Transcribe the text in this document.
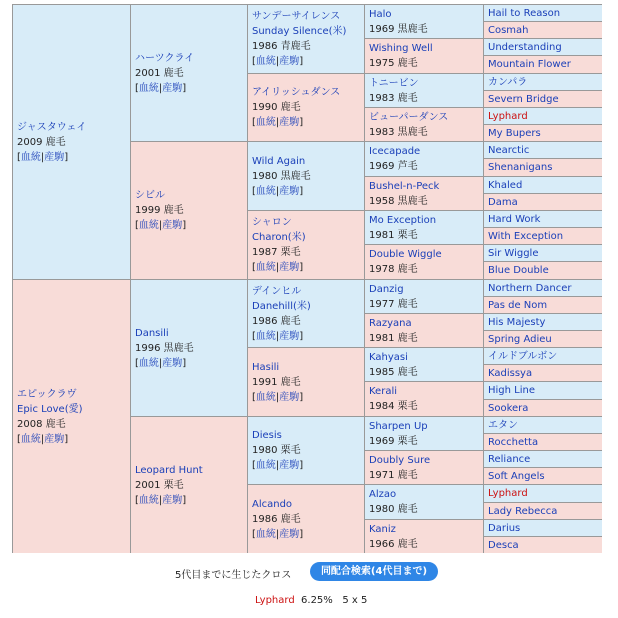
ジャスタウェイ
2009 鹿毛
[血統|産駒]
エピックラヴ
Epic Love(愛)
2008 鹿毛
[血統|産駒]
ハーツクライ
2001 鹿毛
[血統|産駒]
シビル
1999 鹿毛
[血統|産駒]
Dansili
1996 黒鹿毛
[血統|産駒]
Leopard Hunt
2001 栗毛
[血統|産駒]
サンデーサイレンス
Sunday Silence(米)
1986 青鹿毛
[血統|産駒]
アイリッシュダンス
1990 鹿毛
[血統|産駒]
Wild Again
1980 黒鹿毛
[血統|産駒]
シャロン
Charon(米)
1987 栗毛
[血統|産駒]
デインヒル
Danehill(米)
1986 鹿毛
[血統|産駒]
Hasili
1991 鹿毛
[血統|産駒]
Diesis
1980 栗毛
[血統|産駒]
Alcando
1986 鹿毛
[血統|産駒]
Halo
1969 黒鹿毛
Wishing Well
1975 鹿毛
トニービン
1983 鹿毛
ビューパーダンス
1983 黒鹿毛
Icecapade
1969 芦毛
Bushel-n-Peck
1958 黒鹿毛
Mo Exception
1981 栗毛
Double Wiggle
1978 鹿毛
Danzig
1977 鹿毛
Razyana
1981 鹿毛
Kahyasi
1985 鹿毛
Kerali
1984 栗毛
Sharpen Up
1969 栗毛
Doubly Sure
1971 鹿毛
Alzao
1980 鹿毛
Kaniz
1966 鹿毛
Hail to Reason
Cosmah
Understanding
Mountain Flower
カンパラ
Severn Bridge
Lyphard
My Bupers
Nearctic
Shenanigans
Khaled
Dama
Hard Work
With Exception
Sir Wiggle
Blue Double
Northern Dancer
Pas de Nom
His Majesty
Spring Adieu
イルドブルボン
Kadissya
High Line
Sookera
エタン
Rocchetta
Reliance
Soft Angels
Lyphard
Lady Rebecca
Darius
Desca
5代目までに生じたクロス	同配合検索(4代目まで)
Lyphard 6.25% 5 x 5
